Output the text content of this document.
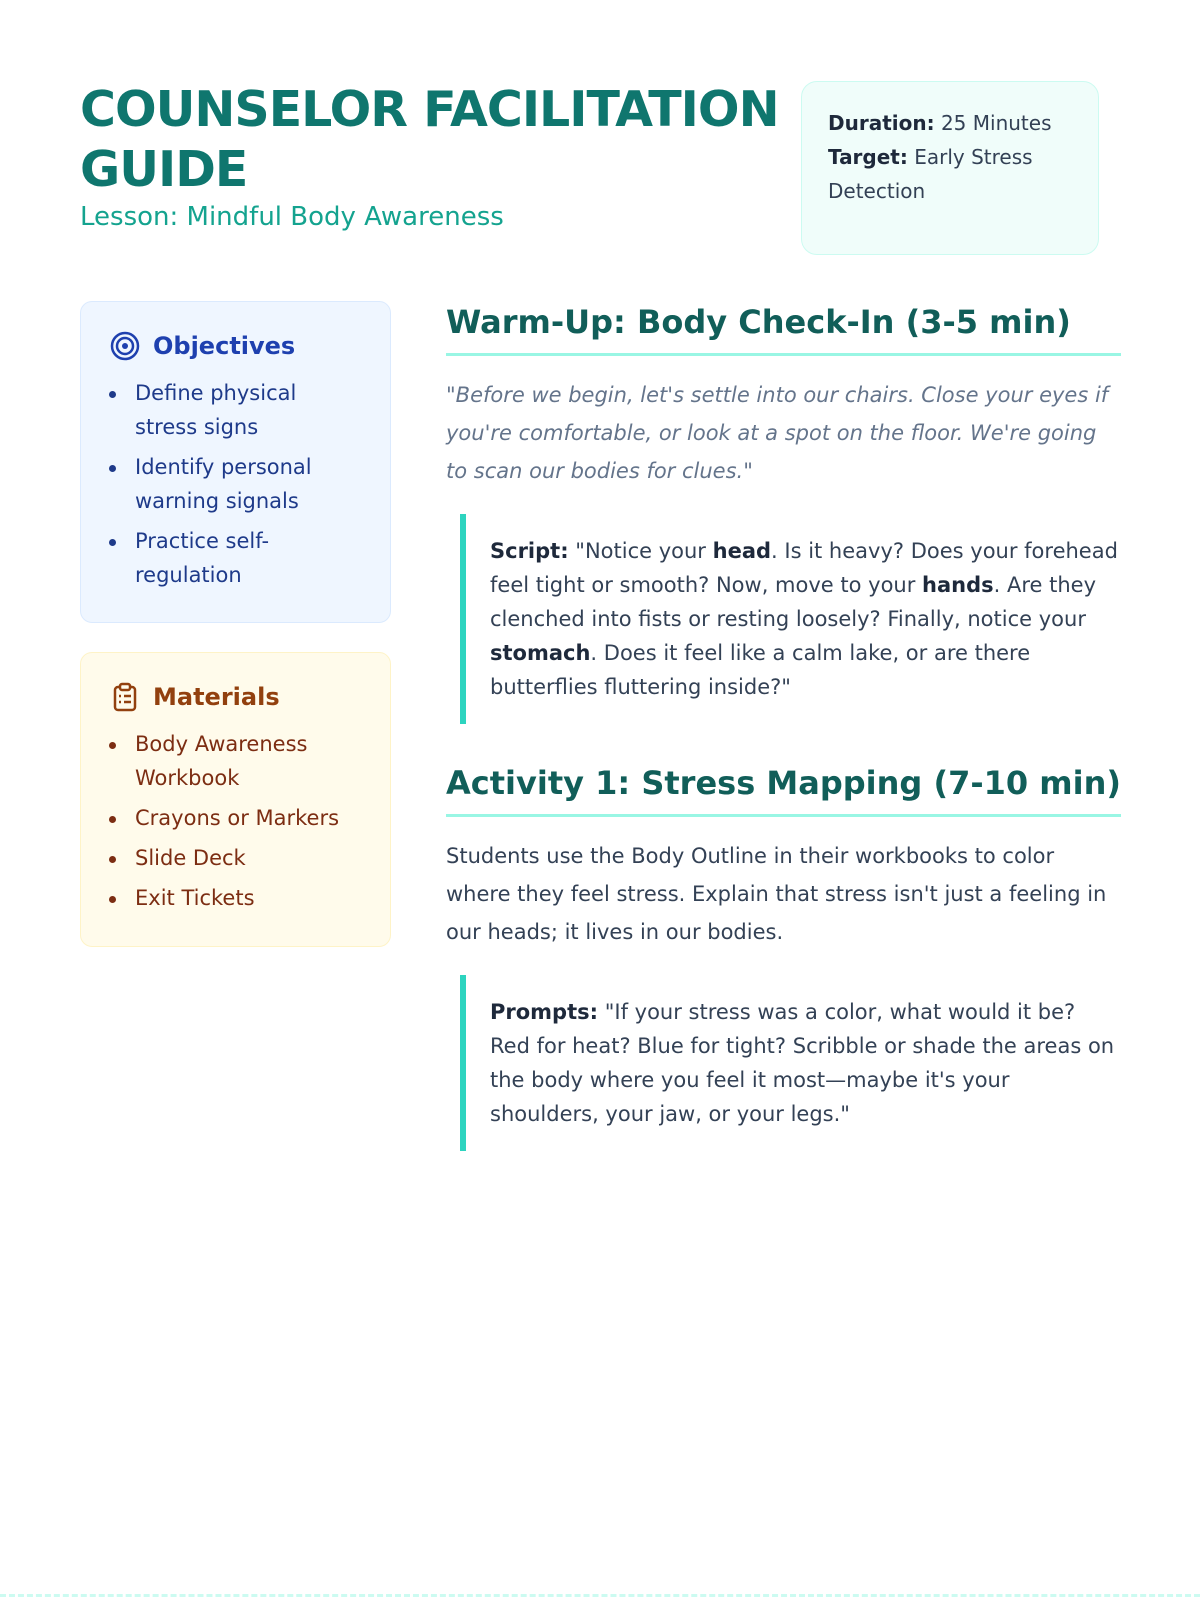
COUNSELOR FACILITATION GUIDE
Lesson: Mindful Body Awareness
Duration: 25 Minutes
Target: Early Stress Detection
Objectives
Define physical stress signs
Identify personal warning signals
Practice self-regulation
Materials
Body Awareness Workbook
Crayons or Markers
Slide Deck
Exit Tickets
Warm-Up: Body Check-In (3-5 min)

"Before we begin, let's settle into our chairs. Close your eyes if you're comfortable, or look at a spot on the floor. We're going to scan our bodies for clues."

Script: "Notice your head. Is it heavy? Does your forehead feel tight or smooth? Now, move to your hands. Are they clenched into fists or resting loosely? Finally, notice your stomach. Does it feel like a calm lake, or are there butterflies fluttering inside?"
Activity 1: Stress Mapping (7-10 min)

Students use the Body Outline in their workbooks to color where they feel stress. Explain that stress isn't just a feeling in our heads; it lives in our bodies.

Prompts: "If your stress was a color, what would it be? Red for heat? Blue for tight? Scribble or shade the areas on the body where you feel it most—maybe it's your shoulders, your jaw, or your legs."
